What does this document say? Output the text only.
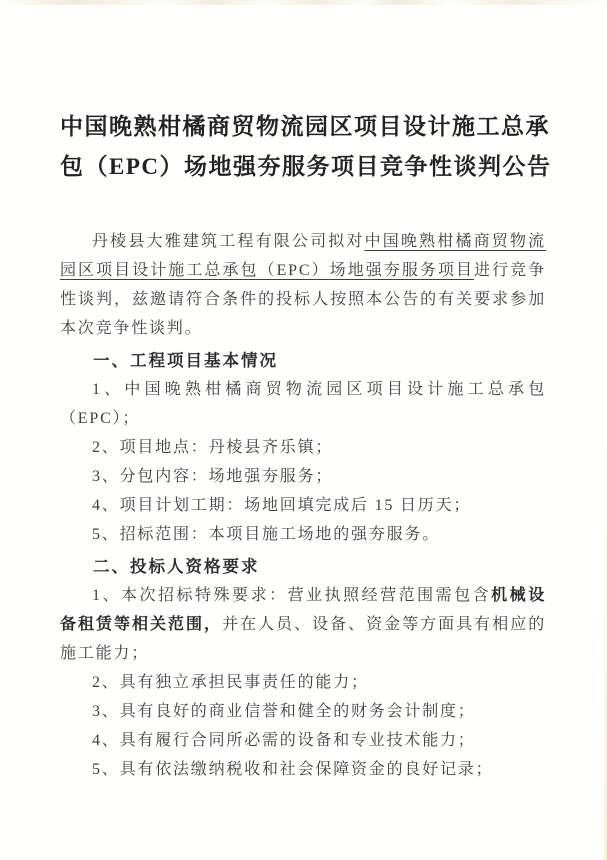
中国晚熟柑橘商贸物流园区项目设计施工总承
包（EPC）场地强夯服务项目竞争性谈判公告

丹棱县大雅建筑工程有限公司拟对中国晚熟柑橘商贸物流园区项目设计施工总承包（EPC）场地强夯服务项目进行竞争性谈判，兹邀请符合条件的投标人按照本公告的有关要求参加本次竞争性谈判。

一、工程项目基本情况

1、中国晚熟柑橘商贸物流园区项目设计施工总承包（EPC）；

2、项目地点：丹棱县齐乐镇；

3、分包内容：场地强夯服务；

4、项目计划工期：场地回填完成后 15 日历天；

5、招标范围：本项目施工场地的强夯服务。

二、投标人资格要求

1、本次招标特殊要求：营业执照经营范围需包含机械设备租赁等相关范围，并在人员、设备、资金等方面具有相应的施工能力；

2、具有独立承担民事责任的能力；

3、具有良好的商业信誉和健全的财务会计制度；

4、具有履行合同所必需的设备和专业技术能力；

5、具有依法缴纳税收和社会保障资金的良好记录；
